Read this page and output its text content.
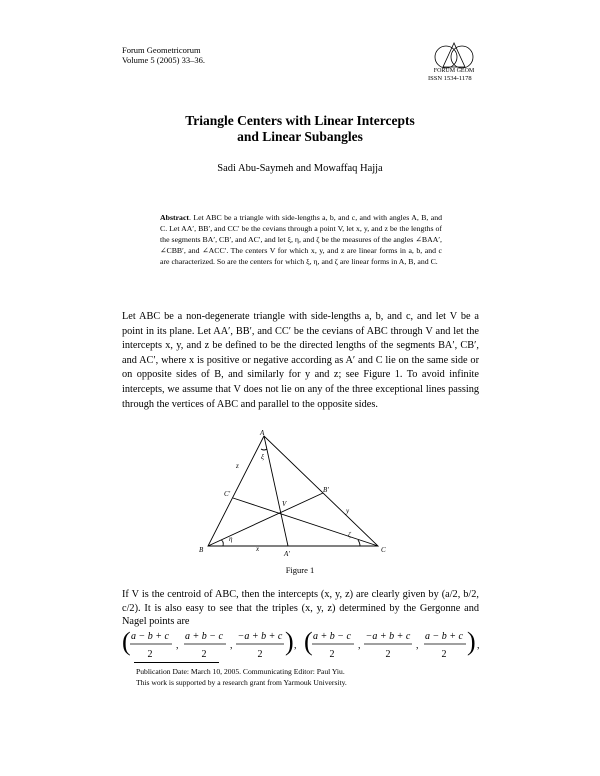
Forum Geometricorum
Volume 5 (2005) 33–36.
FORUM GEOM
ISSN 1534-1178
Triangle Centers with Linear Intercepts
and Linear Subangles
Sadi Abu-Saymeh and Mowaffaq Hajja
Abstract. Let ABC be a triangle with side-lengths a, b, and c, and with angles A, B, and C. Let AA′, BB′, and CC′ be the cevians through a point V, let x, y, and z be the lengths of the segments BA′, CB′, and AC′, and let ξ, η, and ζ be the measures of the angles ∠BAA′, ∠CBB′, and ∠ACC′. The centers V for which x, y, and z are linear forms in a, b, and c are characterized. So are the centers for which ξ, η, and ζ are linear forms in A, B, and C.
Let ABC be a non-degenerate triangle with side-lengths a, b, and c, and let V be a point in its plane. Let AA′, BB′, and CC′ be the cevians of ABC through V and let the intercepts x, y, and z be defined to be the directed lengths of the segments BA′, CB′, and AC′, where x is positive or negative according as A′ and C lie on the same side or on opposite sides of B, and similarly for y and z; see Figure 1. To avoid infinite intercepts, we assume that V does not lie on any of the three exceptional lines passing through the vertices of ABC and parallel to the opposite sides.
A
B	C
A′
B′
C′
V
x
y
z
ξ
η	ζ
Figure 1
If V is the centroid of ABC, then the intercepts (x, y, z) are clearly given by (a/2, b/2, c/2). It is also easy to see that the triples (x, y, z) determined by the Gergonne and Nagel points are
( a − b + c
2
,
a + b − c
2
,
−a + b + c
2 ) , ( a + b − c
2
,
−a + b + c
2
,
a − b + c
2 ) ,
Publication Date: March 10, 2005. Communicating Editor: Paul Yiu.
This work is supported by a research grant from Yarmouk University.
